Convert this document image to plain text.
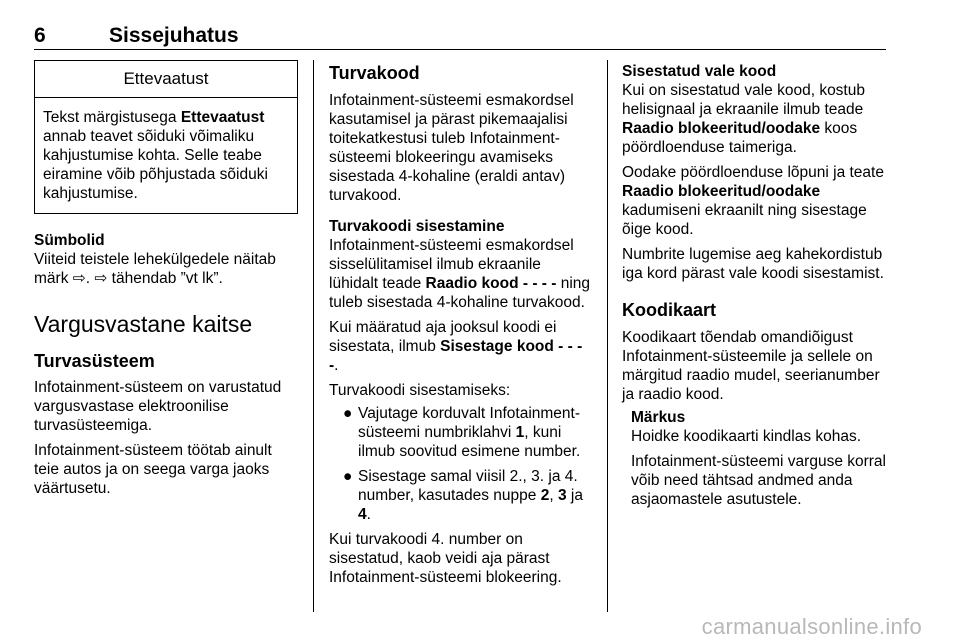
6	Sissejuhatus
Ettevaatust
Tekst märgistusega Ettevaatust annab teavet sõiduki võimaliku kahjustumise kohta. Selle teabe eiramine võib põhjustada sõiduki kahjustumise.

Sümbolid

Viiteid teistele lehekülgedele näitab märk ⇨. ⇨ tähendab ”vt lk”.

Vargusvastane kaitse

Turvasüsteem

Infotainment-süsteem on varustatud vargusvastase elektroonilise turvasüsteemiga.

Infotainment-süsteem töötab ainult teie autos ja on seega varga jaoks väärtusetu.

Turvakood

Infotainment-süsteemi esmakordsel kasutamisel ja pärast pikemaajalisi toitekatkestusi tuleb Infotainment-süsteemi blokeeringu avamiseks sisestada 4-kohaline (eraldi antav) turvakood.

Turvakoodi sisestamine

Infotainment-süsteemi esmakordsel sisselülitamisel ilmub ekraanile lühidalt teade Raadio kood - - - - ning tuleb sisestada 4-kohaline turvakood.

Kui määratud aja jooksul koodi ei sisestata, ilmub Sisestage kood - - - -.

Turvakoodi sisestamiseks:

● Vajutage korduvalt Infotainment-süsteemi numbriklahvi 1, kuni ilmub soovitud esimene number.
● Sisestage samal viisil 2., 3. ja 4. number, kasutades nuppe 2, 3 ja 4.

Kui turvakoodi 4. number on sisestatud, kaob veidi aja pärast Infotainment-süsteemi blokeering.

Sisestatud vale kood

Kui on sisestatud vale kood, kostub helisignaal ja ekraanile ilmub teade Raadio blokeeritud/oodake koos pöördloenduse taimeriga.

Oodake pöördloenduse lõpuni ja teate Raadio blokeeritud/oodake kadumiseni ekraanilt ning sisestage õige kood.

Numbrite lugemise aeg kahekordistub iga kord pärast vale koodi sisestamist.

Koodikaart

Koodikaart tõendab omandiõigust Infotainment-süsteemile ja sellele on märgitud raadio mudel, seerianumber ja raadio kood.

Märkus

Hoidke koodikaarti kindlas kohas.

Infotainment-süsteemi varguse korral võib need tähtsad andmed anda asjaomastele asutustele.

carmanualsonline.info
